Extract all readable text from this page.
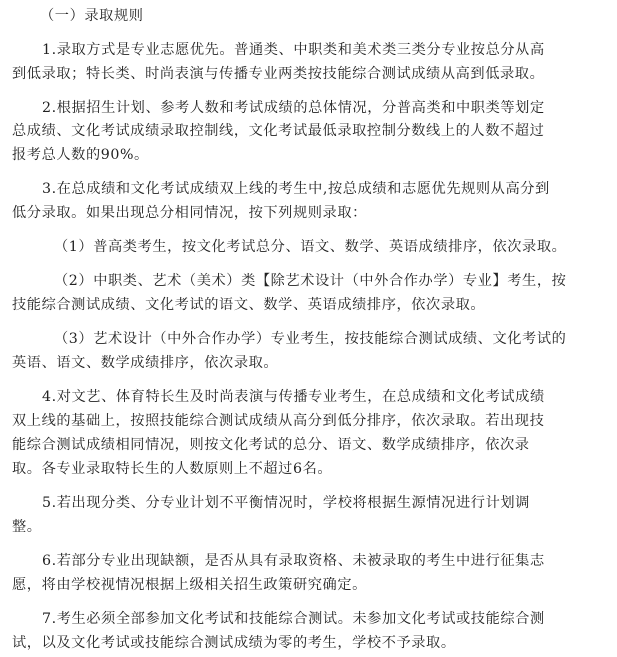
（一）录取规则
1.录取方式是专业志愿优先。普通类、中职类和美术类三类分专业按总分从高
到低录取；特长类、时尚表演与传播专业两类按技能综合测试成绩从高到低录取。
2.根据招生计划、参考人数和考试成绩的总体情况，分普高类和中职类等划定
总成绩、文化考试成绩录取控制线，文化考试最低录取控制分数线上的人数不超过
报考总人数的90%。
3.在总成绩和文化考试成绩双上线的考生中,按总成绩和志愿优先规则从高分到
低分录取。如果出现总分相同情况，按下列规则录取：
（1）普高类考生，按文化考试总分、语文、数学、英语成绩排序，依次录取。
（2）中职类、艺术（美术）类【除艺术设计（中外合作办学）专业】考生，按
技能综合测试成绩、文化考试的语文、数学、英语成绩排序，依次录取。
（3）艺术设计（中外合作办学）专业考生，按技能综合测试成绩、文化考试的
英语、语文、数学成绩排序，依次录取。
4.对文艺、体育特长生及时尚表演与传播专业考生，在总成绩和文化考试成绩
双上线的基础上，按照技能综合测试成绩从高分到低分排序，依次录取。若出现技
能综合测试成绩相同情况，则按文化考试的总分、语文、数学成绩排序，依次录
取。各专业录取特长生的人数原则上不超过6名。
5.若出现分类、分专业计划不平衡情况时，学校将根据生源情况进行计划调
整。
6.若部分专业出现缺额，是否从具有录取资格、未被录取的考生中进行征集志
愿，将由学校视情况根据上级相关招生政策研究确定。
7.考生必须全部参加文化考试和技能综合测试。未参加文化考试或技能综合测
试，以及文化考试或技能综合测试成绩为零的考生，学校不予录取。
